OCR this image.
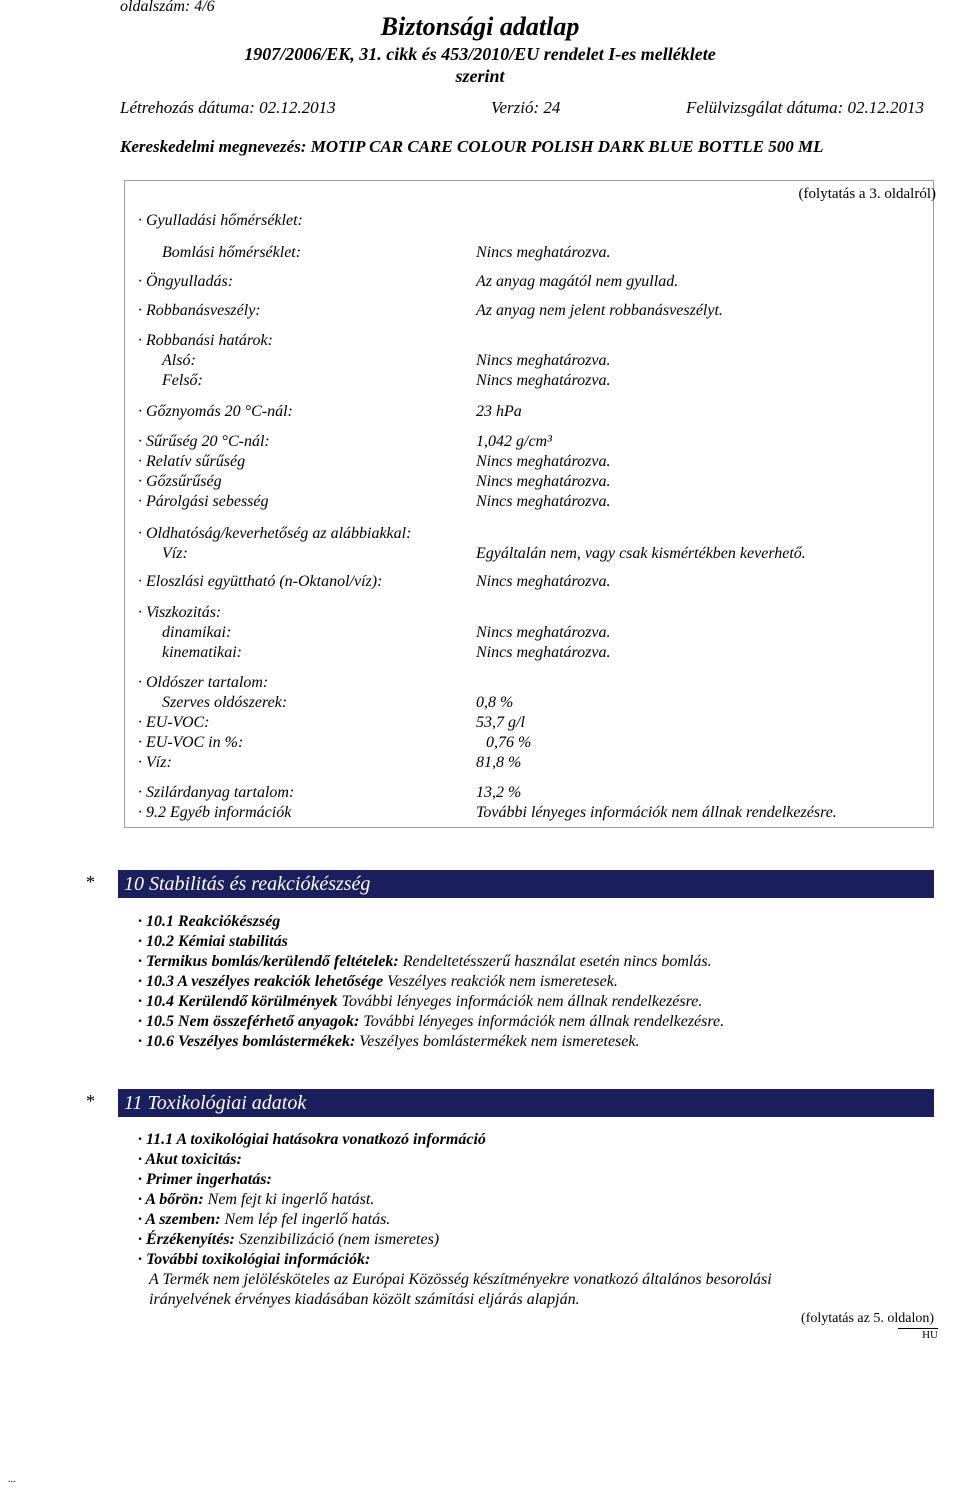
oldalszám: 4/6
Biztonsági adatlap
1907/2006/EK, 31. cikk és 453/2010/EU rendelet I-es melléklete
szerint
Létrehozás dátuma: 02.12.2013	Verzió: 24	Felülvizsgálat dátuma: 02.12.2013
Kereskedelmi megnevezés: MOTIP CAR CARE COLOUR POLISH DARK BLUE BOTTLE 500 ML
(folytatás a 3. oldalról)
· Gyulladási hőmérséklet:
Bomlási hőmérséklet:	Nincs meghatározva.
· Öngyulladás:	Az anyag magától nem gyullad.
· Robbanásveszély:	Az anyag nem jelent robbanásveszélyt.
· Robbanási határok:
Alsó:	Nincs meghatározva.
Felső:	Nincs meghatározva.
· Gőznyomás 20 °C-nál:	23 hPa
· Sűrűség 20 °C-nál:	1,042 g/cm³
· Relatív sűrűség	Nincs meghatározva.
· Gőzsűrűség	Nincs meghatározva.
· Párolgási sebesség	Nincs meghatározva.
· Oldhatóság/keverhetőség az alábbiakkal:
Víz:	Egyáltalán nem, vagy csak kismértékben keverhető.
· Eloszlási együttható (n-Oktanol/víz):	Nincs meghatározva.
· Viszkozitás:
dinamikai:	Nincs meghatározva.
kinematikai:	Nincs meghatározva.
· Oldószer tartalom:
Szerves oldószerek:	0,8 %
· EU-VOC:	53,7 g/l
· EU-VOC in %:	0,76 %
· Víz:	81,8 %
· Szilárdanyag tartalom:	13,2 %
· 9.2 Egyéb információk	További lényeges információk nem állnak rendelkezésre.
*	10 Stabilitás és reakciókészség
· 10.1 Reakciókészség
· 10.2 Kémiai stabilitás
· Termikus bomlás/kerülendő feltételek: Rendeltetésszerű használat esetén nincs bomlás.
· 10.3 A veszélyes reakciók lehetősége Veszélyes reakciók nem ismeretesek.
· 10.4 Kerülendő körülmények További lényeges információk nem állnak rendelkezésre.
· 10.5 Nem összeférhető anyagok: További lényeges információk nem állnak rendelkezésre.
· 10.6 Veszélyes bomlástermékek: Veszélyes bomlástermékek nem ismeretesek.
*	11 Toxikológiai adatok
· 11.1 A toxikológiai hatásokra vonatkozó információ
· Akut toxicitás:
· Primer ingerhatás:
· A bőrön: Nem fejt ki ingerlő hatást.
· A szemben: Nem lép fel ingerlő hatás.
· Érzékenyítés: Szenzibilizáció (nem ismeretes)
· További toxikológiai információk:
A Termék nem jelölésköteles az Európai Közösség készítményekre vonatkozó általános besorolási
irányelvének érvényes kiadásában közölt számítási eljárás alapján.
(folytatás az 5. oldalon)
HU
...
